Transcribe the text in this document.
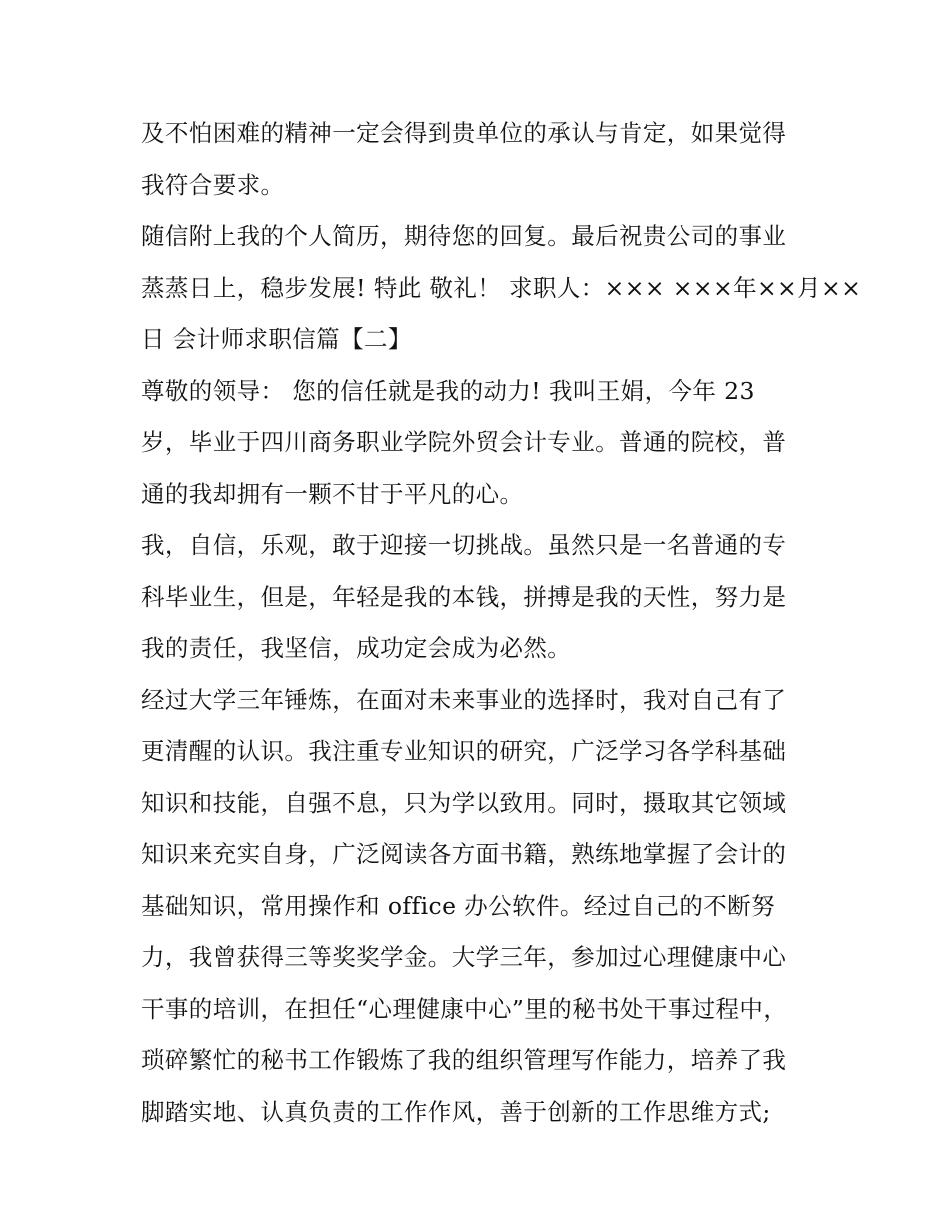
及不怕困难的精神一定会得到贵单位的承认与肯定，如果觉得
我符合要求。
随信附上我的个人简历，期待您的回复。最后祝贵公司的事业
蒸蒸日上，稳步发展! 特此 敬礼！ 求职人：××× ×××年××月××
日 会计师求职信篇【二】
尊敬的领导： 您的信任就是我的动力! 我叫王娟，今年 23
岁，毕业于四川商务职业学院外贸会计专业。普通的院校，普
通的我却拥有一颗不甘于平凡的心。
我，自信，乐观，敢于迎接一切挑战。虽然只是一名普通的专
科毕业生，但是，年轻是我的本钱，拼搏是我的天性，努力是
我的责任，我坚信，成功定会成为必然。
经过大学三年锤炼，在面对未来事业的选择时，我对自己有了
更清醒的认识。我注重专业知识的研究，广泛学习各学科基础
知识和技能，自强不息，只为学以致用。同时，摄取其它领域
知识来充实自身，广泛阅读各方面书籍，熟练地掌握了会计的
基础知识，常用操作和 office 办公软件。经过自己的不断努
力，我曾获得三等奖奖学金。大学三年，参加过心理健康中心
干事的培训，在担任“心理健康中心”里的秘书处干事过程中，
琐碎繁忙的秘书工作锻炼了我的组织管理写作能力，培养了我
脚踏实地、认真负责的工作作风，善于创新的工作思维方式;
